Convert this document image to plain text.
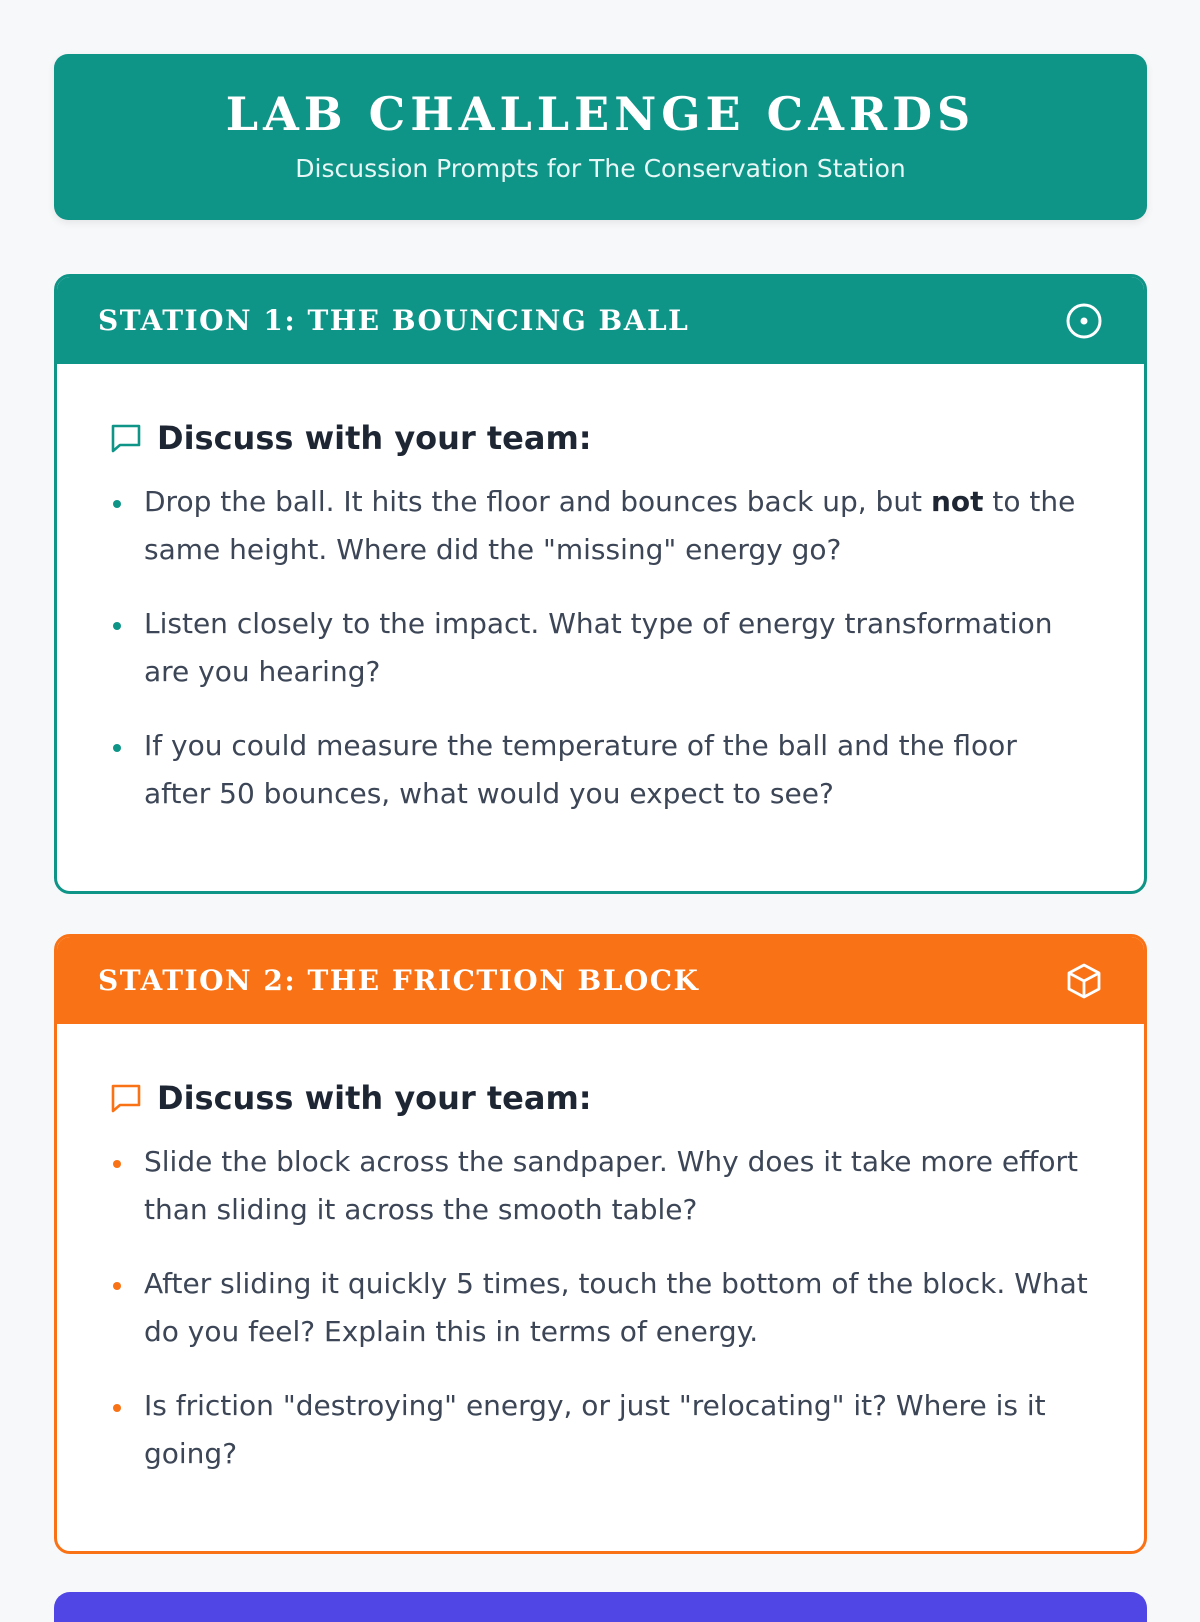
LAB CHALLENGE CARDS
Discussion Prompts for The Conservation Station
STATION 1: THE BOUNCING BALL
Discuss with your team:
Drop the ball. It hits the floor and bounces back up, but not to the same height. Where did the "missing" energy go?
Listen closely to the impact. What type of energy transformation are you hearing?
If you could measure the temperature of the ball and the floor after 50 bounces, what would you expect to see?
STATION 2: THE FRICTION BLOCK
Discuss with your team:
Slide the block across the sandpaper. Why does it take more effort than sliding it across the smooth table?
After sliding it quickly 5 times, touch the bottom of the block. What do you feel? Explain this in terms of energy.
Is friction "destroying" energy, or just "relocating" it? Where is it going?
